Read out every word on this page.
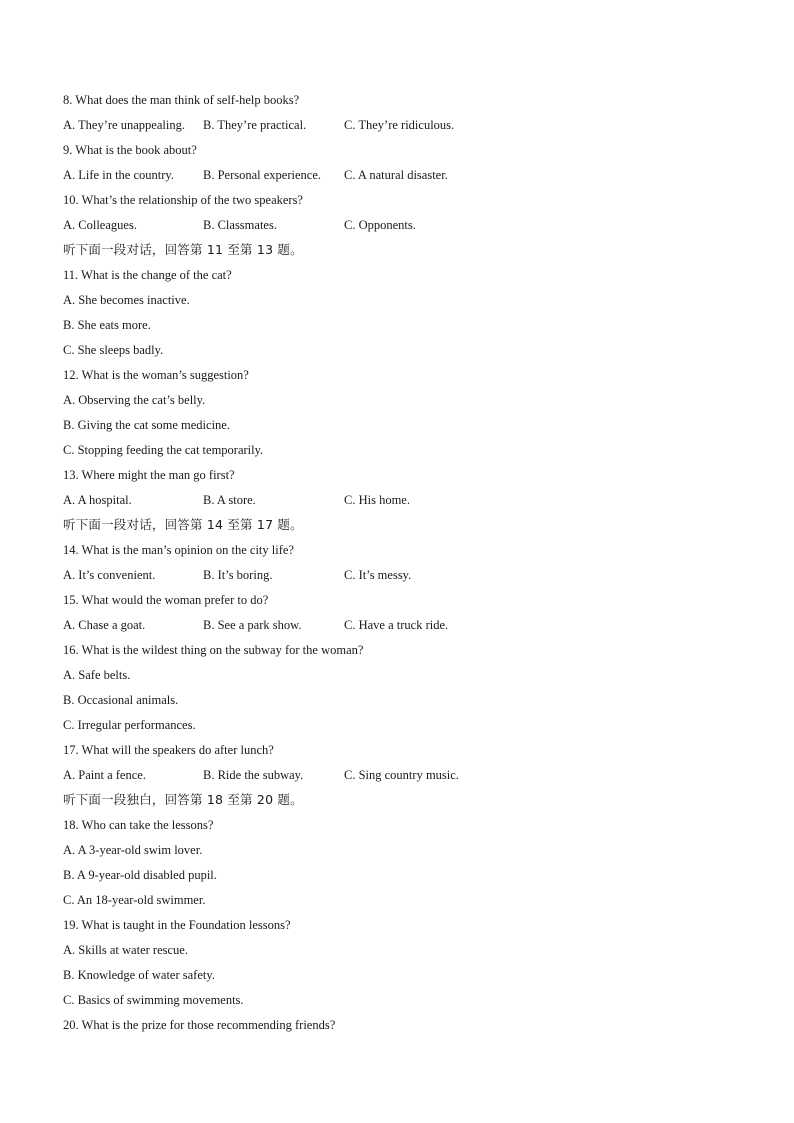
8. What does the man think of self-help books?
A. They’re unappealing.	B. They’re practical.	C. They’re ridiculous.
9. What is the book about?
A. Life in the country.	B. Personal experience.	C. A natural disaster.
10. What’s the relationship of the two speakers?
A. Colleagues.	B. Classmates.	C. Opponents.
听下面一段对话，回答第 11 至第 13 题。
11. What is the change of the cat?
A. She becomes inactive.
B. She eats more.
C. She sleeps badly.
12. What is the woman’s suggestion?
A. Observing the cat’s belly.
B. Giving the cat some medicine.
C. Stopping feeding the cat temporarily.
13. Where might the man go first?
A. A hospital.	B. A store.	C. His home.
听下面一段对话，回答第 14 至第 17 题。
14. What is the man’s opinion on the city life?
A. It’s convenient.	B. It’s boring.	C. It’s messy.
15. What would the woman prefer to do?
A. Chase a goat.	B. See a park show.	C. Have a truck ride.
16. What is the wildest thing on the subway for the woman?
A. Safe belts.
B. Occasional animals.
C. Irregular performances.
17. What will the speakers do after lunch?
A. Paint a fence.	B. Ride the subway.	C. Sing country music.
听下面一段独白，回答第 18 至第 20 题。
18. Who can take the lessons?
A. A 3-year-old swim lover.
B. A 9-year-old disabled pupil.
C. An 18-year-old swimmer.
19. What is taught in the Foundation lessons?
A. Skills at water rescue.
B. Knowledge of water safety.
C. Basics of swimming movements.
20. What is the prize for those recommending friends?
